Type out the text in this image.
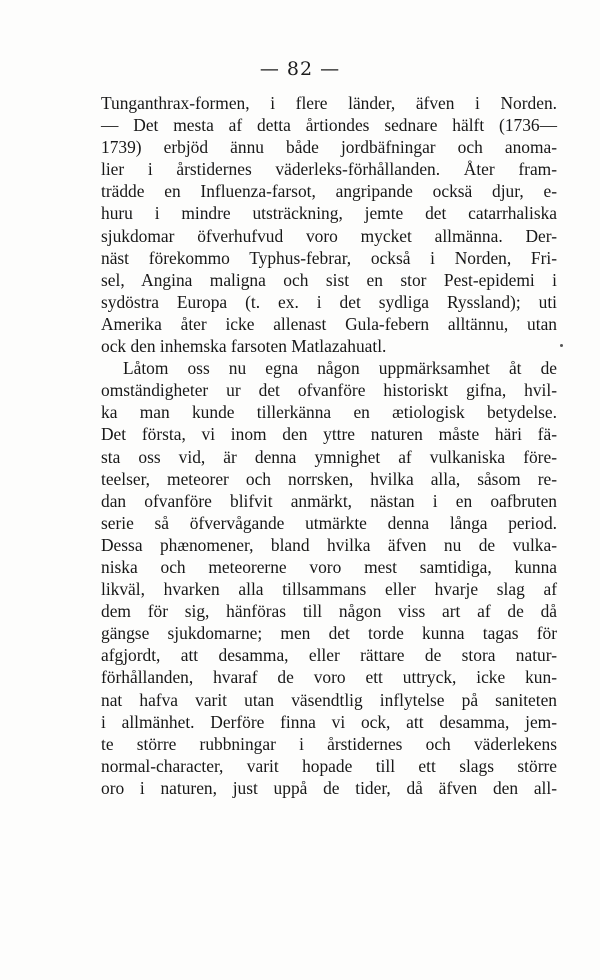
— 82 —
Tunganthrax-formen, i flere länder, äfven i Norden.
— Det mesta af detta årtiondes sednare hälft (1736—
1739) erbjöd ännu både jordbäfningar och anoma-
lier i årstidernes väderleks-förhållanden. Åter fram-
trädde en Influenza-farsot, angripande ocksä djur, e-
huru i mindre utsträckning, jemte det catarrhaliska
sjukdomar öfverhufvud voro mycket allmänna. Der-
näst förekommo Typhus-febrar, också i Norden, Fri-
sel, Angina maligna och sist en stor Pest-epidemi i
sydöstra Europa (t. ex. i det sydliga Ryssland); uti
Amerika åter icke allenast Gula-febern alltännu, utan
ock den inhemska farsoten Matlazahuatl.
Låtom oss nu egna någon uppmärksamhet åt de
omständigheter ur det ofvanföre historiskt gifna, hvil-
ka man kunde tillerkänna en ætiologisk betydelse.
Det första, vi inom den yttre naturen måste häri fä-
sta oss vid, är denna ymnighet af vulkaniska före-
teelser, meteorer och norrsken, hvilka alla, såsom re-
dan ofvanföre blifvit anmärkt, nästan i en oafbruten
serie så öfvervågande utmärkte denna långa period.
Dessa phænomener, bland hvilka äfven nu de vulka-
niska och meteorerne voro mest samtidiga, kunna
likväl, hvarken alla tillsammans eller hvarje slag af
dem för sig, hänföras till någon viss art af de då
gängse sjukdomarne; men det torde kunna tagas för
afgjordt, att desamma, eller rättare de stora natur-
förhållanden, hvaraf de voro ett uttryck, icke kun-
nat hafva varit utan väsendtlig inflytelse på saniteten
i allmänhet. Derföre finna vi ock, att desamma, jem-
te större rubbningar i årstidernes och väderlekens
normal-character, varit hopade till ett slags större
oro i naturen, just uppå de tider, då äfven den all-
